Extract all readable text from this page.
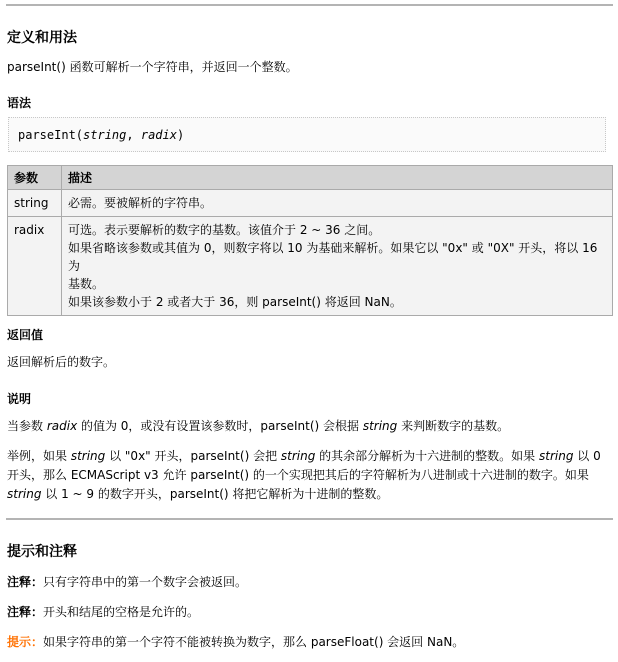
定义和用法
parseInt() 函数可解析一个字符串，并返回一个整数。
语法
parseInt(string, radix)
参数	描述
string	必需。要被解析的字符串。

radix	可选。表示要解析的数字的基数。该值介于 2 ~ 36 之间。
如果省略该参数或其值为 0，则数字将以 10 为基础来解析。如果它以 "0x" 或 "0X" 开头，将以 16 为
基数。
如果该参数小于 2 或者大于 36，则 parseInt() 将返回 NaN。
返回值
返回解析后的数字。
说明
当参数 radix 的值为 0，或没有设置该参数时，parseInt() 会根据 string 来判断数字的基数。
举例，如果 string 以 "0x" 开头，parseInt() 会把 string 的其余部分解析为十六进制的整数。如果 string 以 0
开头，那么 ECMAScript v3 允许 parseInt() 的一个实现把其后的字符解析为八进制或十六进制的数字。如果
string 以 1 ~ 9 的数字开头，parseInt() 将把它解析为十进制的整数。
提示和注释
注释：只有字符串中的第一个数字会被返回。
注释：开头和结尾的空格是允许的。
提示：如果字符串的第一个字符不能被转换为数字，那么 parseFloat() 会返回 NaN。
